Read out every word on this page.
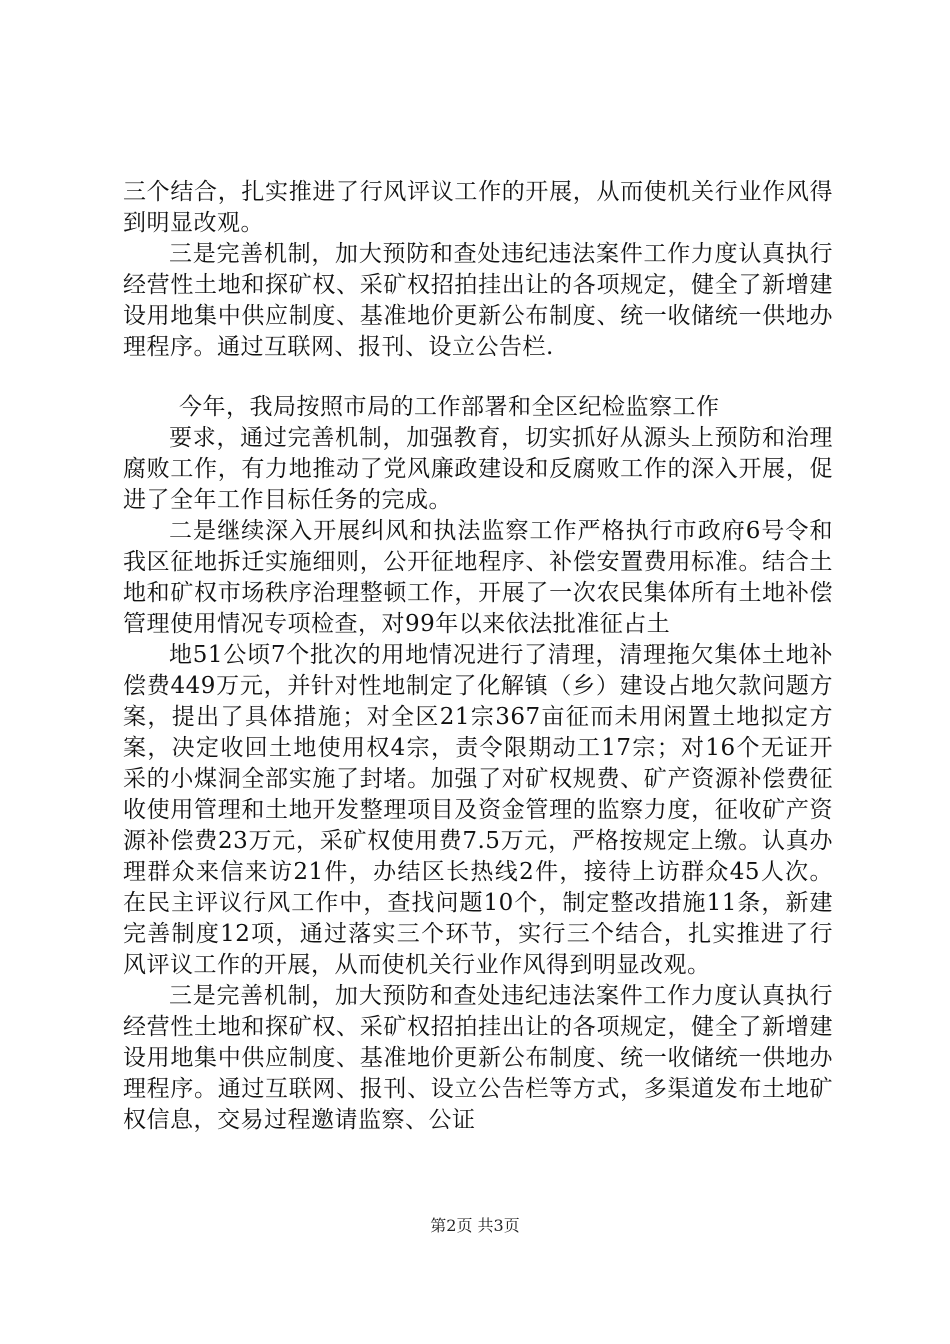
三个结合，扎实推进了行风评议工作的开展，从而使机关行业作风得到明显改观。

三是完善机制，加大预防和查处违纪违法案件工作力度认真执行经营性土地和探矿权、采矿权招拍挂出让的各项规定，健全了新增建设用地集中供应制度、基准地价更新公布制度、统一收储统一供地办理程序。通过互联网、报刊、设立公告栏.

今年，我局按照市局的工作部署和全区纪检监察工作

要求，通过完善机制，加强教育，切实抓好从源头上预防和治理腐败工作，有力地推动了党风廉政建设和反腐败工作的深入开展，促进了全年工作目标任务的完成。

二是继续深入开展纠风和执法监察工作严格执行市政府6号令和我区征地拆迁实施细则，公开征地程序、补偿安置费用标准。结合土地和矿权市场秩序治理整顿工作，开展了一次农民集体所有土地补偿管理使用情况专项检查，对99年以来依法批准征占土

地51公顷7个批次的用地情况进行了清理，清理拖欠集体土地补偿费449万元，并针对性地制定了化解镇（乡）建设占地欠款问题方案，提出了具体措施；对全区21宗367亩征而未用闲置土地拟定方案，决定收回土地使用权4宗，责令限期动工17宗；对16个无证开采的小煤洞全部实施了封堵。加强了对矿权规费、矿产资源补偿费征收使用管理和土地开发整理项目及资金管理的监察力度，征收矿产资源补偿费23万元，采矿权使用费7.5万元，严格按规定上缴。认真办理群众来信来访21件，办结区长热线2件，接待上访群众45人次。在民主评议行风工作中，查找问题10个，制定整改措施11条，新建完善制度12项，通过落实三个环节，实行三个结合，扎实推进了行风评议工作的开展，从而使机关行业作风得到明显改观。

三是完善机制，加大预防和查处违纪违法案件工作力度认真执行经营性土地和探矿权、采矿权招拍挂出让的各项规定，健全了新增建设用地集中供应制度、基准地价更新公布制度、统一收储统一供地办理程序。通过互联网、报刊、设立公告栏等方式，多渠道发布土地矿权信息，交易过程邀请监察、公证

第2页 共3页
